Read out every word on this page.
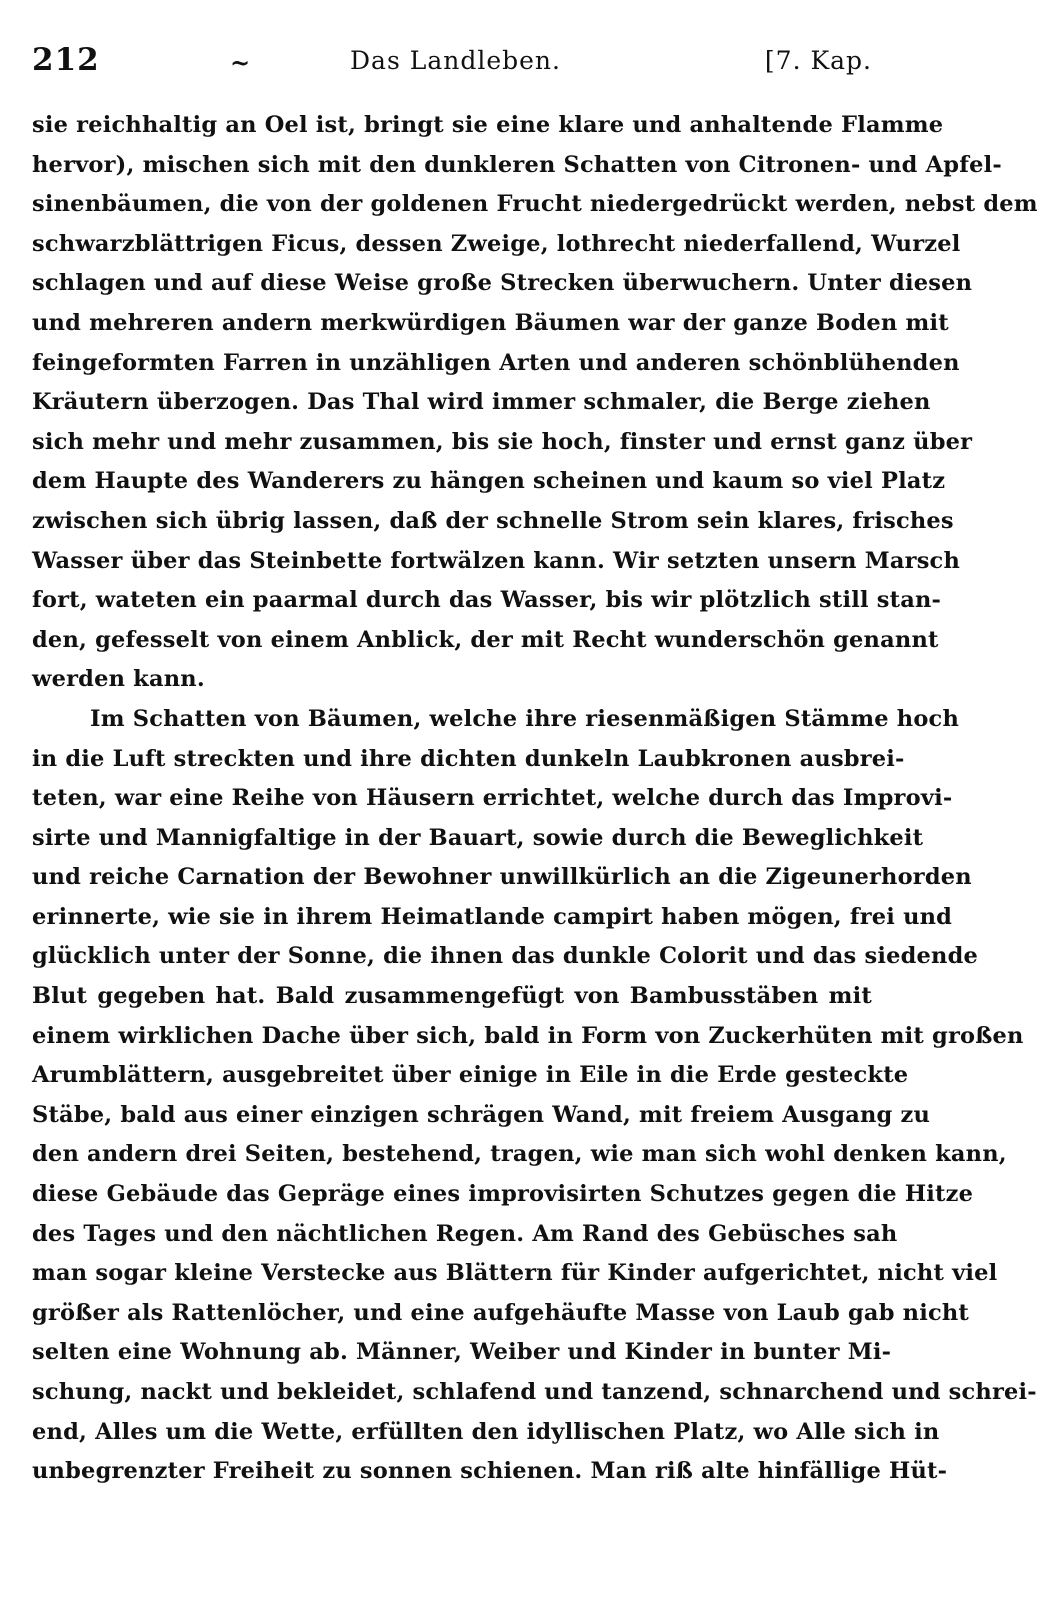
212	~	Das Landleben.	[7. Kap.
sie reichhaltig an Oel ist, bringt sie eine klare und anhaltende Flamme
hervor), mischen sich mit den dunkleren Schatten von Citronen- und Apfel-
sinenbäumen, die von der goldenen Frucht niedergedrückt werden, nebst dem
schwarzblättrigen Ficus, dessen Zweige, lothrecht niederfallend, Wurzel
schlagen und auf diese Weise große Strecken überwuchern. Unter diesen
und mehreren andern merkwürdigen Bäumen war der ganze Boden mit
feingeformten Farren in unzähligen Arten und anderen schönblühenden
Kräutern überzogen. Das Thal wird immer schmaler, die Berge ziehen
sich mehr und mehr zusammen, bis sie hoch, finster und ernst ganz über
dem Haupte des Wanderers zu hängen scheinen und kaum so viel Platz
zwischen sich übrig lassen, daß der schnelle Strom sein klares, frisches
Wasser über das Steinbette fortwälzen kann. Wir setzten unsern Marsch
fort, wateten ein paarmal durch das Wasser, bis wir plötzlich still stan-
den, gefesselt von einem Anblick, der mit Recht wunderschön genannt
werden kann.
Im Schatten von Bäumen, welche ihre riesenmäßigen Stämme hoch
in die Luft streckten und ihre dichten dunkeln Laubkronen ausbrei-
teten, war eine Reihe von Häusern errichtet, welche durch das Improvi-
sirte und Mannigfaltige in der Bauart, sowie durch die Beweglichkeit
und reiche Carnation der Bewohner unwillkürlich an die Zigeunerhorden
erinnerte, wie sie in ihrem Heimatlande campirt haben mögen, frei und
glücklich unter der Sonne, die ihnen das dunkle Colorit und das siedende
Blut gegeben hat. Bald zusammengefügt von Bambusstäben mit
einem wirklichen Dache über sich, bald in Form von Zuckerhüten mit großen
Arumblättern, ausgebreitet über einige in Eile in die Erde gesteckte
Stäbe, bald aus einer einzigen schrägen Wand, mit freiem Ausgang zu
den andern drei Seiten, bestehend, tragen, wie man sich wohl denken kann,
diese Gebäude das Gepräge eines improvisirten Schutzes gegen die Hitze
des Tages und den nächtlichen Regen. Am Rand des Gebüsches sah
man sogar kleine Verstecke aus Blättern für Kinder aufgerichtet, nicht viel
größer als Rattenlöcher, und eine aufgehäufte Masse von Laub gab nicht
selten eine Wohnung ab. Männer, Weiber und Kinder in bunter Mi-
schung, nackt und bekleidet, schlafend und tanzend, schnarchend und schrei-
end, Alles um die Wette, erfüllten den idyllischen Platz, wo Alle sich in
unbegrenzter Freiheit zu sonnen schienen. Man riß alte hinfällige Hüt-
